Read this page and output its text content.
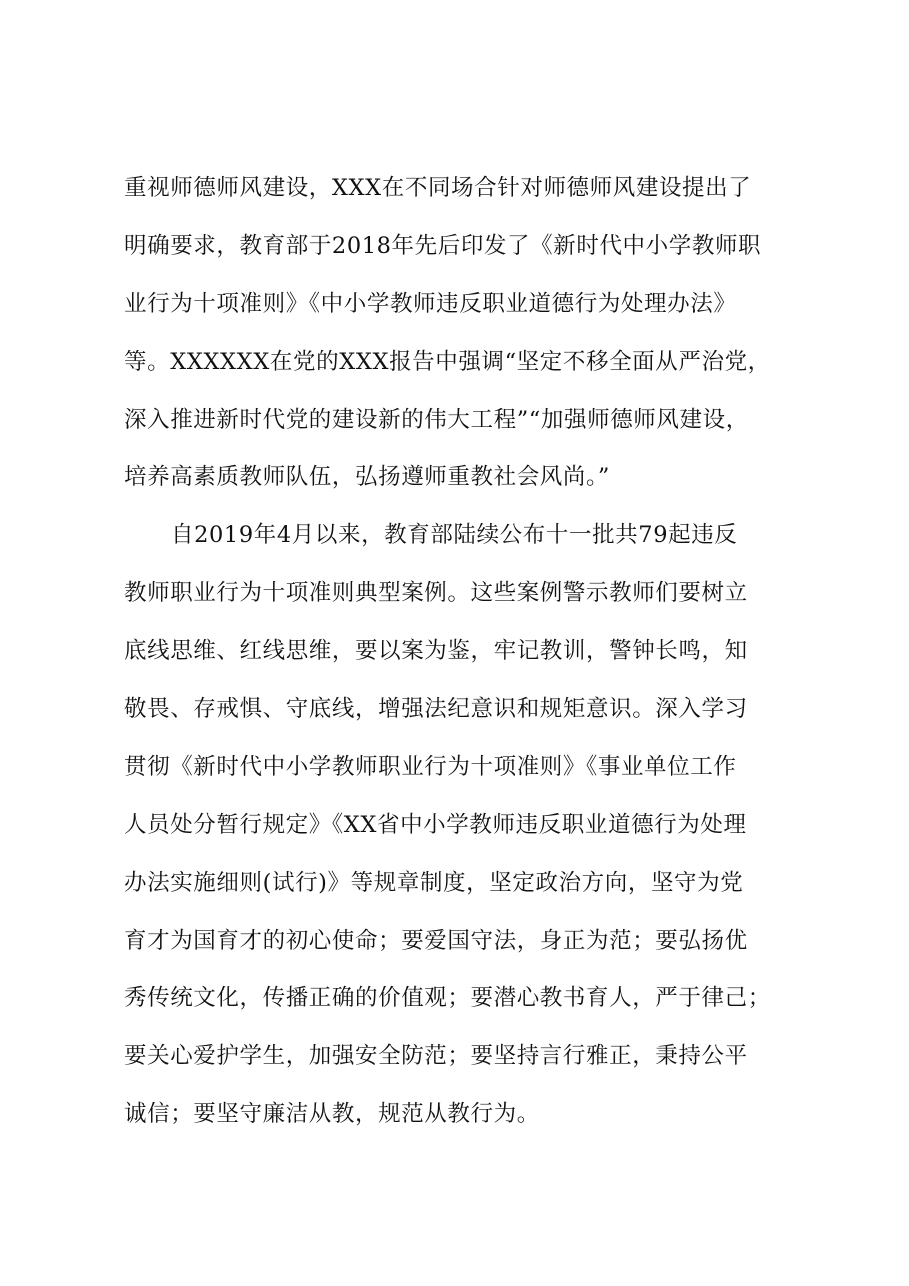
重视师德师风建设，XXX在不同场合针对师德师风建设提出了
明确要求，教育部于2018年先后印发了《新时代中小学教师职
业行为十项准则》《中小学教师违反职业道德行为处理办法》
等。XXXXXX在党的XXX报告中强调“坚定不移全面从严治党，
深入推进新时代党的建设新的伟大工程”“加强师德师风建设，
培养高素质教师队伍，弘扬遵师重教社会风尚。”
自2019年4月以来，教育部陆续公布十一批共79起违反
教师职业行为十项准则典型案例。这些案例警示教师们要树立
底线思维、红线思维，要以案为鉴，牢记教训，警钟长鸣，知
敬畏、存戒惧、守底线，增强法纪意识和规矩意识。深入学习
贯彻《新时代中小学教师职业行为十项准则》《事业单位工作
人员处分暂行规定》《XX省中小学教师违反职业道德行为处理
办法实施细则(试行)》等规章制度，坚定政治方向，坚守为党
育才为国育才的初心使命；要爱国守法，身正为范；要弘扬优
秀传统文化，传播正确的价值观；要潜心教书育人，严于律己；
要关心爱护学生，加强安全防范；要坚持言行雅正，秉持公平
诚信；要坚守廉洁从教，规范从教行为。
